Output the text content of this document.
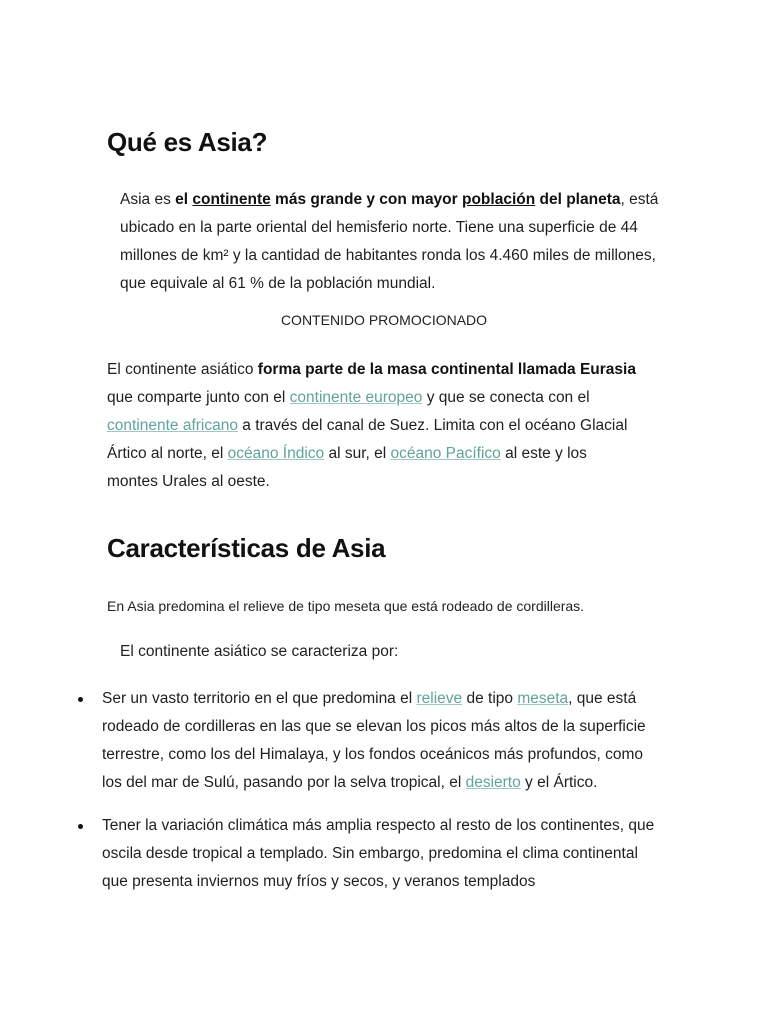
Qué es Asia?

Asia es el continente más grande y con mayor población del planeta, está ubicado en la parte oriental del hemisferio norte. Tiene una superficie de 44 millones de km² y la cantidad de habitantes ronda los 4.460 miles de millones, que equivale al 61 % de la población mundial.

CONTENIDO PROMOCIONADO

El continente asiático forma parte de la masa continental llamada Eurasia que comparte junto con el continente europeo y que se conecta con el continente africano a través del canal de Suez. Limita con el océano Glacial Ártico al norte, el océano Índico al sur, el océano Pacífico al este y los montes Urales al oeste.

Características de Asia

En Asia predomina el relieve de tipo meseta que está rodeado de cordilleras.

El continente asiático se caracteriza por:

Ser un vasto territorio en el que predomina el relieve de tipo meseta, que está rodeado de cordilleras en las que se elevan los picos más altos de la superficie terrestre, como los del Himalaya, y los fondos oceánicos más profundos, como los del mar de Sulú, pasando por la selva tropical, el desierto y el Ártico.
Tener la variación climática más amplia respecto al resto de los continentes, que oscila desde tropical a templado. Sin embargo, predomina el clima continental que presenta inviernos muy fríos y secos, y veranos templados
